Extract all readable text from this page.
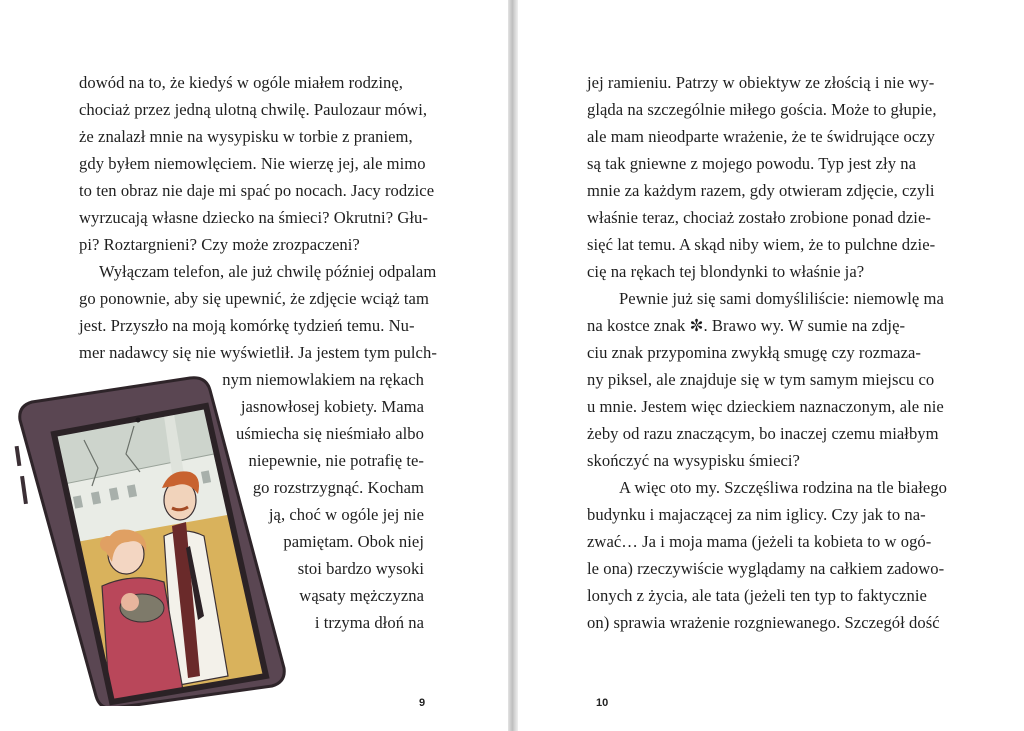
dowód na to, że kiedyś w ogóle miałem rodzinę,
chociaż przez jedną ulotną chwilę. Paulozaur mówi,
że znalazł mnie na wysypisku w torbie z praniem,
gdy byłem niemowlęciem. Nie wierzę jej, ale mimo
to ten obraz nie daje mi spać po nocach. Jacy rodzice
wyrzucają własne dziecko na śmieci? Okrutni? Głu-
pi? Roztargnieni? Czy może zrozpaczeni?
Wyłączam telefon, ale już chwilę później odpalam
go ponownie, aby się upewnić, że zdjęcie wciąż tam
jest. Przyszło na moją komórkę tydzień temu. Nu-
mer nadawcy się nie wyświetlił. Ja jestem tym pulch-
nym niemowlakiem na rękach
jasnowłosej kobiety. Mama
uśmiecha się nieśmiało albo
niepewnie, nie potrafię te-
go rozstrzygnąć. Kocham
ją, choć w ogóle jej nie
pamiętam. Obok niej
stoi bardzo wysoki
wąsaty mężczyzna
i trzyma dłoń na
9
jej ramieniu. Patrzy w obiektyw ze złością i nie wy-
gląda na szczególnie miłego gościa. Może to głupie,
ale mam nieodparte wrażenie, że te świdrujące oczy
są tak gniewne z mojego powodu. Typ jest zły na
mnie za każdym razem, gdy otwieram zdjęcie, czyli
właśnie teraz, chociaż zostało zrobione ponad dzie-
sięć lat temu. A skąd niby wiem, że to pulchne dzie-
cię na rękach tej blondynki to właśnie ja?
Pewnie już się sami domyśliliście: niemowlę ma
na kostce znak ✼. Brawo wy. W sumie na zdję-
ciu znak przypomina zwykłą smugę czy rozmaza-
ny piksel, ale znajduje się w tym samym miejscu co
u mnie. Jestem więc dzieckiem naznaczonym, ale nie
żeby od razu znaczącym, bo inaczej czemu miałbym
skończyć na wysypisku śmieci?
A więc oto my. Szczęśliwa rodzina na tle białego
budynku i majaczącej za nim iglicy. Czy jak to na-
zwać… Ja i moja mama (jeżeli ta kobieta to w ogó-
le ona) rzeczywiście wyglądamy na całkiem zadowo-
lonych z życia, ale tata (jeżeli ten typ to faktycznie
on) sprawia wrażenie rozgniewanego. Szczegół dość
10
